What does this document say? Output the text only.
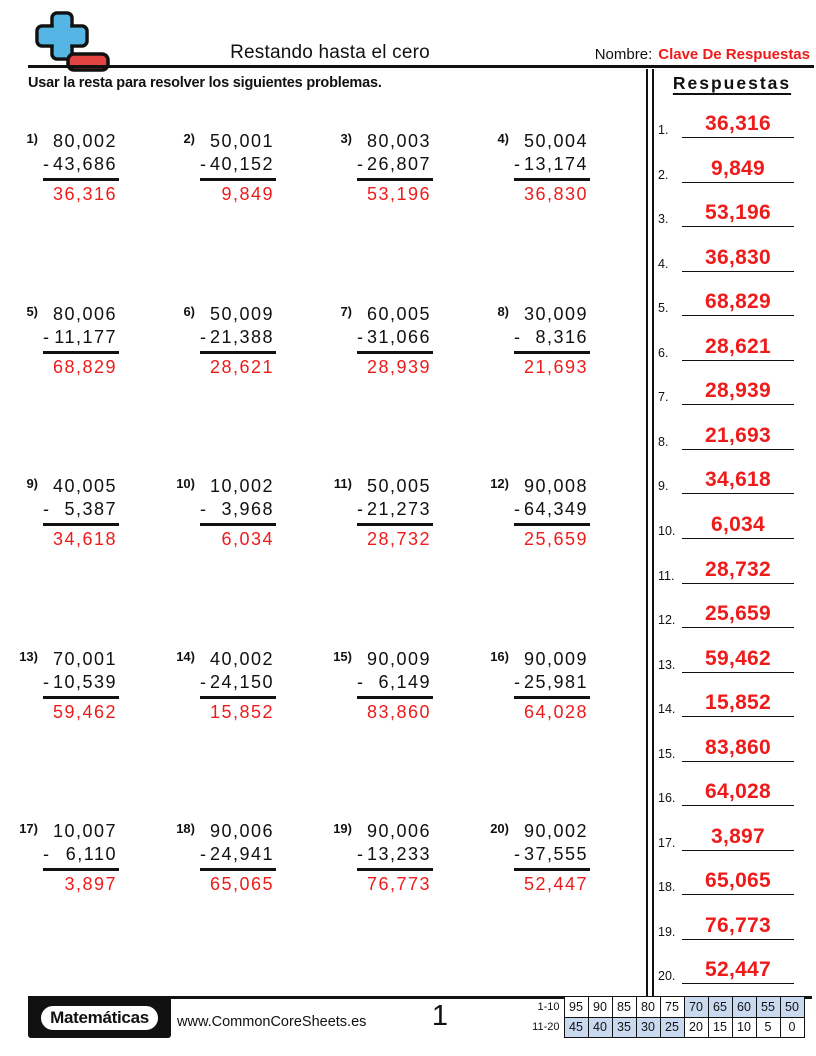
Restando hasta el cero	Nombre: Clave De Respuestas
Usar la resta para resolver los siguientes problemas.
1) 80,002
- 43,686
36,316
2) 50,001
- 40,152
9,849
3) 80,003
- 26,807
53,196
4) 50,004
- 13,174
36,830
5) 80,006
- 11,177
68,829
6) 50,009
- 21,388
28,621
7) 60,005
- 31,066
28,939
8) 30,009
- 8,316
21,693
9) 40,005
- 5,387
34,618
10) 10,002
- 3,968
6,034
11) 50,005
- 21,273
28,732
12) 90,008
- 64,349
25,659
13) 70,001
- 10,539
59,462
14) 40,002
- 24,150
15,852
15) 90,009
- 6,149
83,860
16) 90,009
- 25,981
64,028
17) 10,007
- 6,110
3,897
18) 90,006
- 24,941
65,065
19) 90,006
- 13,233
76,773
20) 90,002
- 37,555
52,447
Respuestas
1.	36,316
2.	9,849
3.	53,196
4.	36,830
5.	68,829
6.	28,621
7.	28,939
8.	21,693
9.	34,618
10.	6,034
11.	28,732
12.	25,659
13.	59,462
14.	15,852
15.	83,860
16.	64,028
17.	3,897
18.	65,065
19.	76,773
20.	52,447
Matemáticas	www.CommonCoreSheets.es	1	1-10	95	90	85	80	75	70	65	60	55	50
11-20	45	40	35	30	25	20	15	10	5	0
